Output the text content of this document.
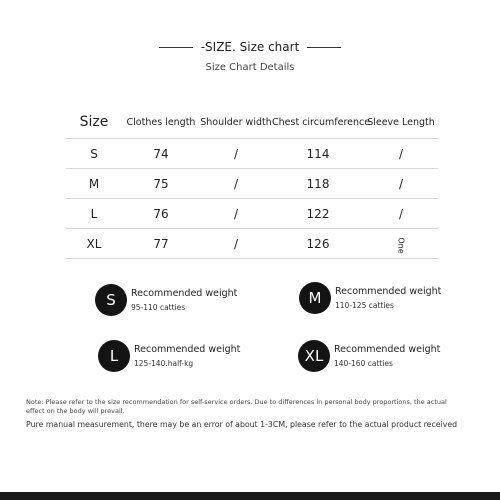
-SIZE. Size chart
Size Chart Details
Size	Clothes length	Shoulder width	Chest circumference	Sleeve Length
S	74	/	114	/
M	75	/	118	/
L	76	/	122	/
XL	77	/	126	One
S	Recommended weight
95-110 catties
M	Recommended weight
110-125 catties
L	Recommended weight
125-140.half-kg	XL	Recommended weight
140-160 catties
Note: Please refer to the size recommendation for self-service orders. Due to differences in personal body proportions, the actual effect on the body will prevail.
Pure manual measurement, there may be an error of about 1-3CM, please refer to the actual product received
